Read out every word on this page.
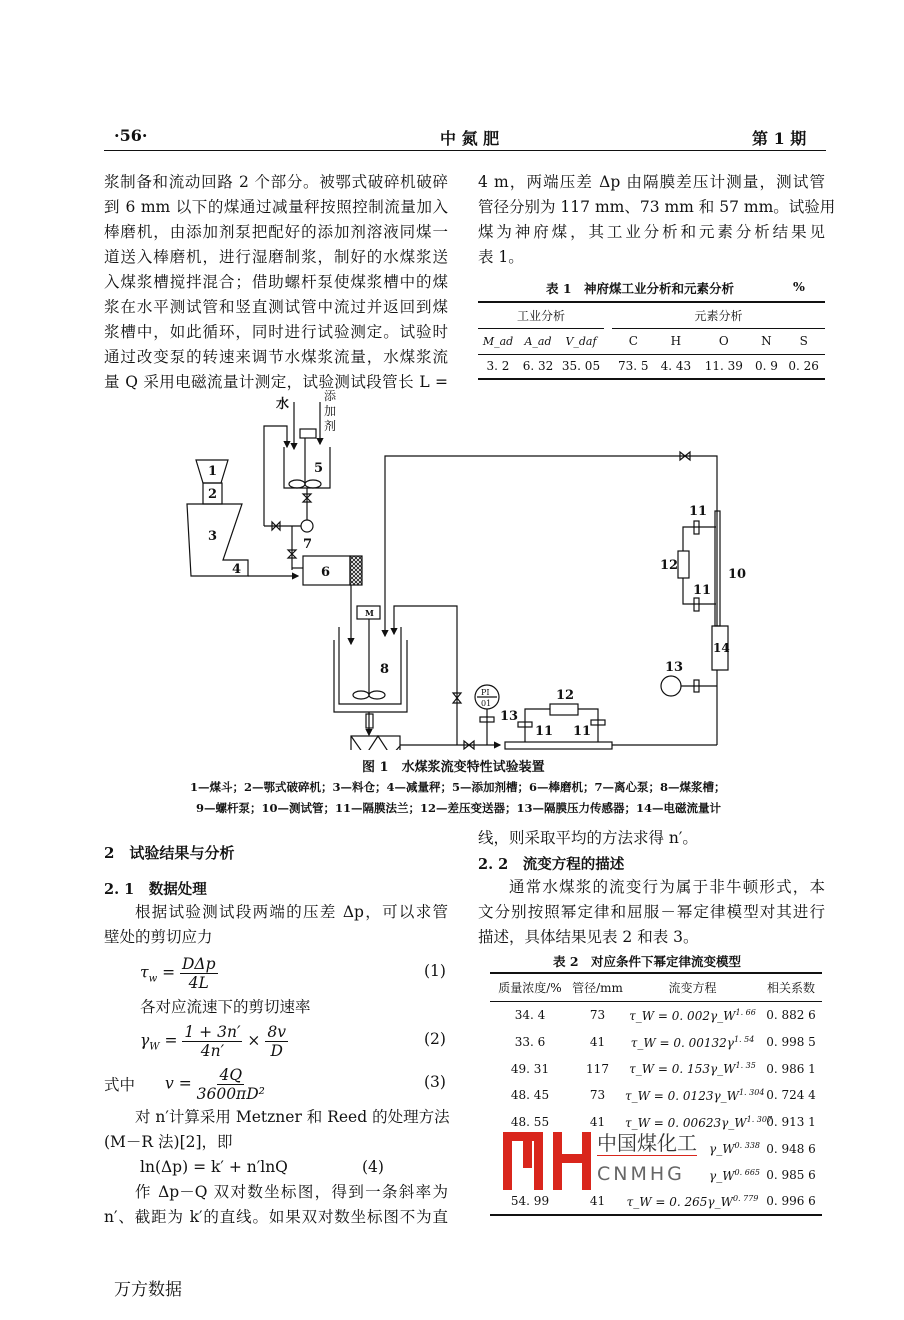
·56·	中 氮 肥	第 1 期
浆制备和流动回路 2 个部分。被鄂式破碎机破碎
到 6 mm 以下的煤通过减量秤按照控制流量加入
棒磨机，由添加剂泵把配好的添加剂溶液同煤一
道送入棒磨机，进行湿磨制浆，制好的水煤浆送
入煤浆槽搅拌混合；借助螺杆泵使煤浆槽中的煤
浆在水平测试管和竖直测试管中流过并返回到煤
浆槽中，如此循环，同时进行试验测定。试验时
通过改变泵的转速来调节水煤浆流量，水煤浆流
量 Q 采用电磁流量计测定，试验测试段管长 L =
4 m，两端压差 Δp 由隔膜差压计测量，测试管
管径分别为 117 mm、73 mm 和 57 mm。试验用
煤为神府煤，其工业分析和元素分析结果见
表 1。
表 1　神府煤工业分析和元素分析	%
工业分析				元素分析				
M_ad	A_ad	V_daf		C	H	O	N	S
3. 2	6. 32	35. 05		73. 5	4. 43	11. 39	0. 9	0. 26
水
添加剂
1
2
3
4
5
6
7
8
10
11 11
11
11
12
12
13
13
14
PI
01
M
图 1　水煤浆流变特性试验装置
1—煤斗；2—鄂式破碎机；3—料仓；4—减量秤；5—添加剂槽；6—棒磨机；7—离心泵；8—煤浆槽；
9—螺杆泵；10—测试管；11—隔膜法兰；12—差压变送器；13—隔膜压力传感器；14—电磁流量计
2　试验结果与分析
2. 1　数据处理
根据试验测试段两端的压差 Δp，可以求管
壁处的剪切应力
$\tau_w = \frac{\text{DΔp}}{4L}$	(1)
各对应流速下的剪切速率
$\gamma_W = \frac{1 + 3n'}{4n'} \times \frac{8v}{D}$	(2)
式中 $v = \frac{4Q}{\text{3600πD²}}$	(3)
对 n′计算采用 Metzner 和 Reed 的处理方法
(M－R 法)[2]，即
ln(Δp) = k′ + n′lnQ	(4)
作 Δp－Q 双对数坐标图，得到一条斜率为
n′、截距为 k′的直线。如果双对数坐标图不为直
线，则采取平均的方法求得 n′。
2. 2　流变方程的描述
通常水煤浆的流变行为属于非牛顿形式，本
文分别按照幂定律和屈服－幂定律模型对其进行
描述，具体结果见表 2 和表 3。
中国煤化工
CNMHG
表 2　对应条件下幂定律流变模型
质量浓度/%	管径/mm	流变方程	相关系数
34. 4	73	τ_W = 0. $002\gamma\_W^{1. 66}$	0. 882 6
33. 6	41	τ_W = 0. $00132\gamma^{1. 54}$	0. 998 5
49. 31	117	τ_W = 0. $153\gamma\_W^{1. 35}$	0. 986 1
48. 45	73	τ_W = 0. $0123\gamma\_W^{1. 304}$	0. 724 4
48. 55	41	τ_W = 0. $00623\gamma\_W^{1. 307}$	0. 913 1
		$\gamma\_W^{0. 338}$	0. 948 6
		$\gamma\_W^{0. 665}$	0. 985 6
54. 99	41	τ_W = 0. $265\gamma\_W^{0. 779}$	0. 996 6
万方数据
